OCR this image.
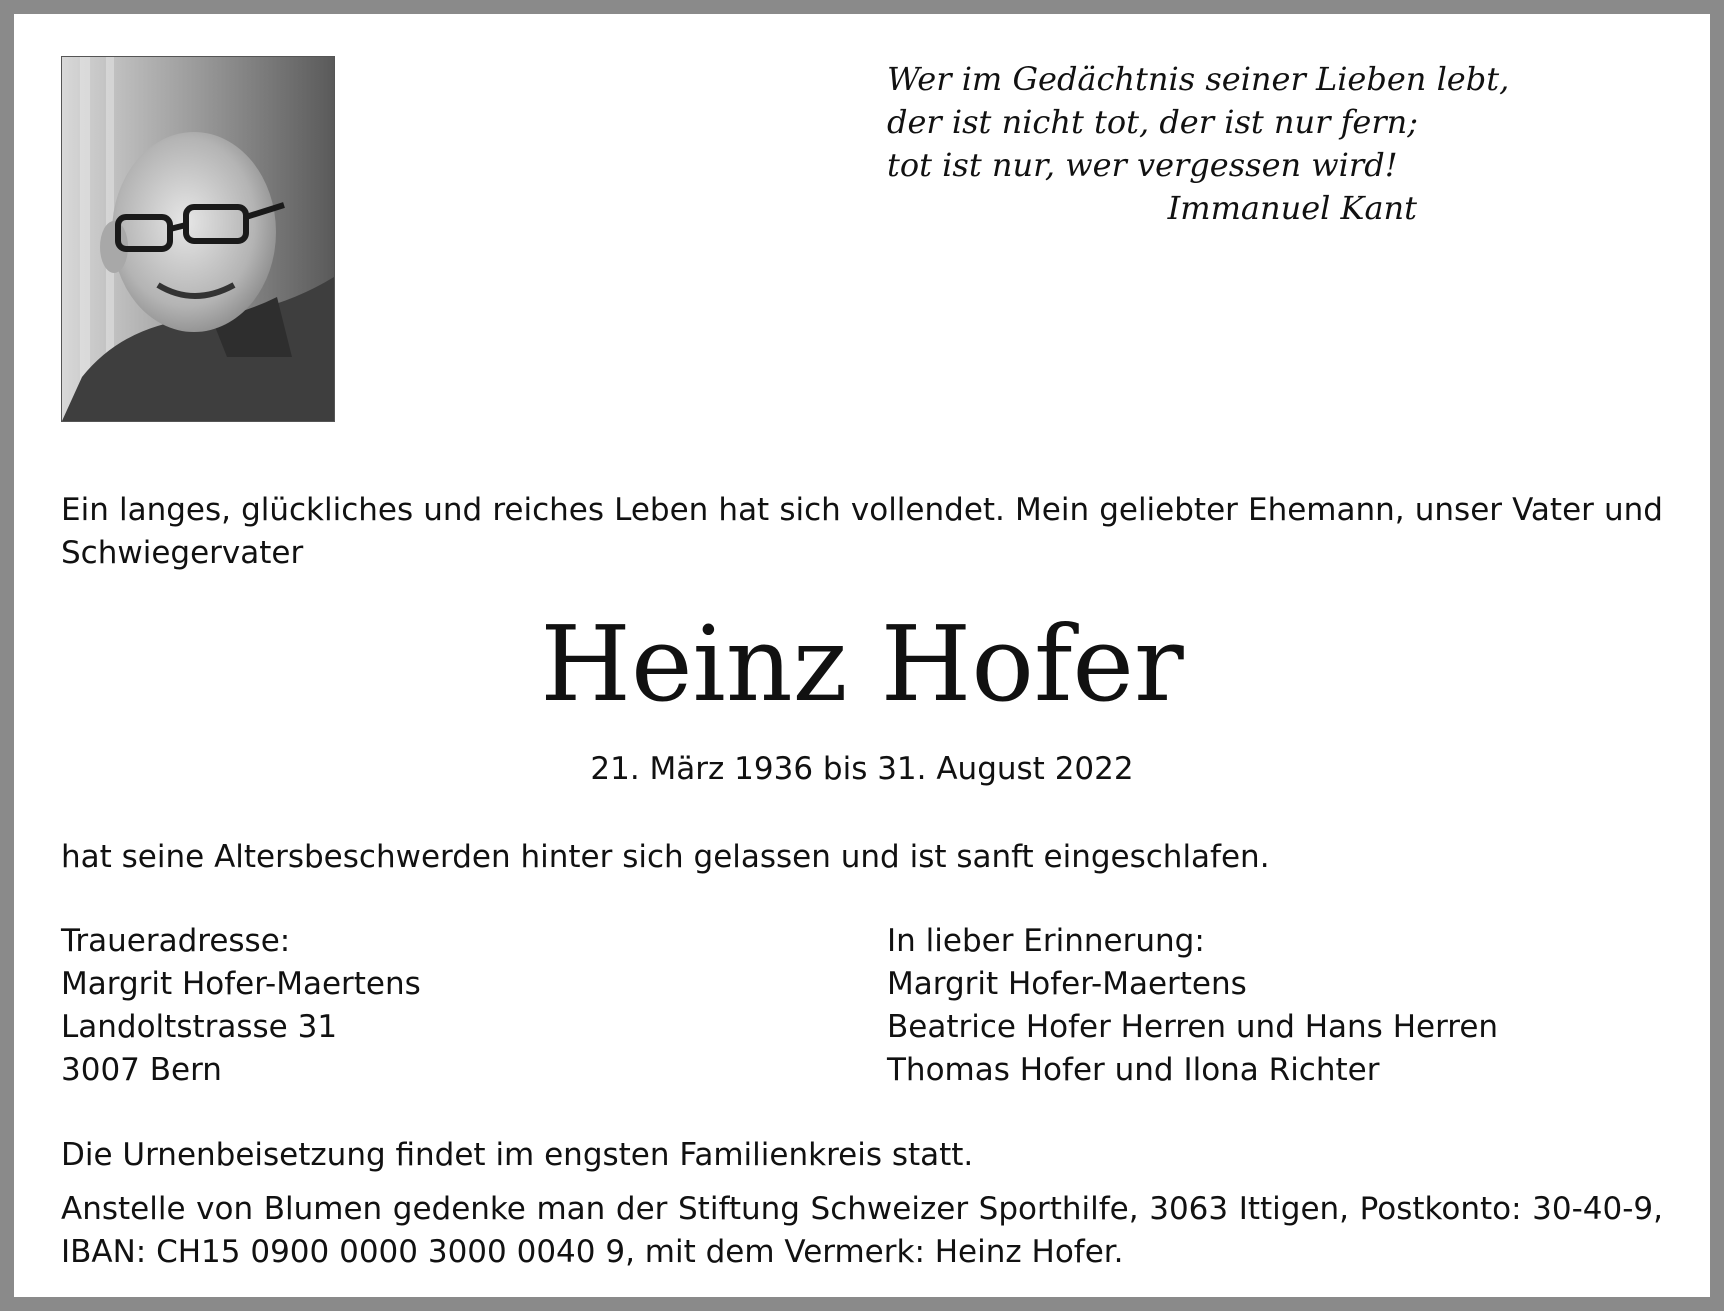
Wer im Gedächtnis seiner Lieben lebt,
der ist nicht tot, der ist nur fern;
tot ist nur, wer vergessen wird!
Immanuel Kant
Ein langes, glückliches und reiches Leben hat sich vollendet. Mein geliebter Ehemann, unser Vater und Schwiegervater
Heinz Hofer
21. März 1936 bis 31. August 2022
hat seine Altersbeschwerden hinter sich gelassen und ist sanft eingeschlafen.
Traueradresse:
Margrit Hofer-Maertens
Landoltstrasse 31
3007 Bern
In lieber Erinnerung:
Margrit Hofer-Maertens
Beatrice Hofer Herren und Hans Herren
Thomas Hofer und Ilona Richter
Die Urnenbeisetzung findet im engsten Familienkreis statt.
Anstelle von Blumen gedenke man der Stiftung Schweizer Sporthilfe, 3063 Ittigen, Postkonto: 30-40-9, IBAN: CH15 0900 0000 3000 0040 9, mit dem Vermerk: Heinz Hofer.
